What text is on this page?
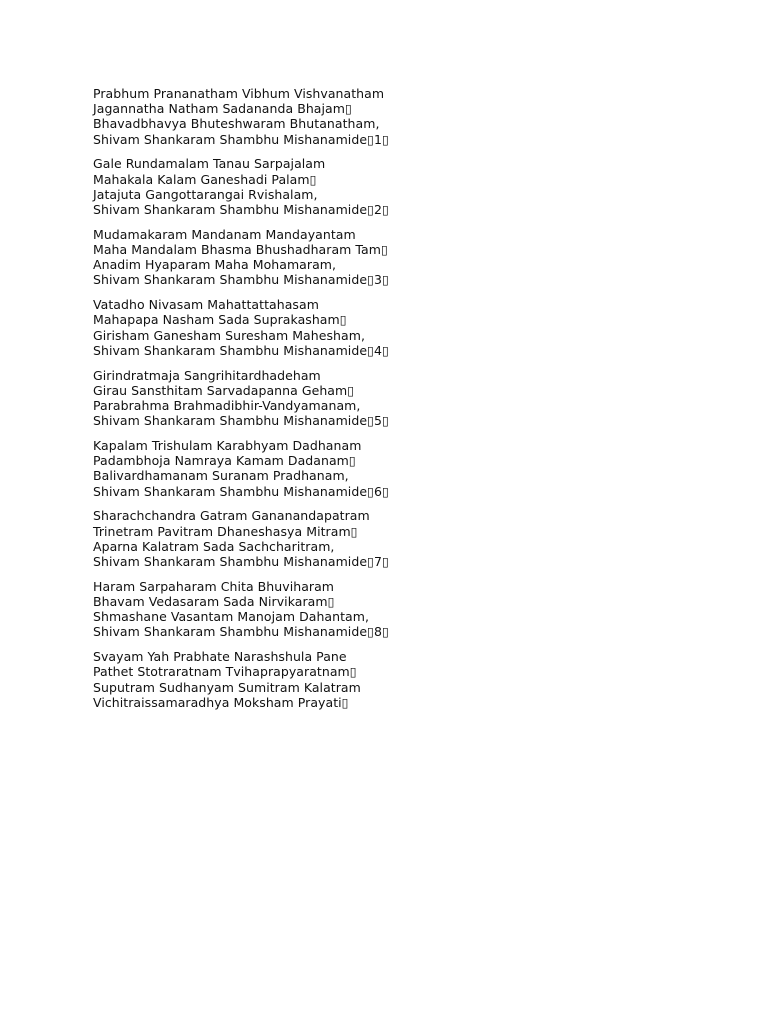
Prabhum Prananatham Vibhum Vishvanatham
Jagannatha Natham Sadananda Bhajam▯
Bhavadbhavya Bhuteshwaram Bhutanatham,
Shivam Shankaram Shambhu Mishanamide▯1▯
Gale Rundamalam Tanau Sarpajalam
Mahakala Kalam Ganeshadi Palam▯
Jatajuta Gangottarangai Rvishalam,
Shivam Shankaram Shambhu Mishanamide▯2▯
Mudamakaram Mandanam Mandayantam
Maha Mandalam Bhasma Bhushadharam Tam▯
Anadim Hyaparam Maha Mohamaram,
Shivam Shankaram Shambhu Mishanamide▯3▯
Vatadho Nivasam Mahattattahasam
Mahapapa Nasham Sada Suprakasham▯
Girisham Ganesham Suresham Mahesham,
Shivam Shankaram Shambhu Mishanamide▯4▯
Girindratmaja Sangrihitardhadeham
Girau Sansthitam Sarvadapanna Geham▯
Parabrahma Brahmadibhir-Vandyamanam,
Shivam Shankaram Shambhu Mishanamide▯5▯
Kapalam Trishulam Karabhyam Dadhanam
Padambhoja Namraya Kamam Dadanam▯
Balivardhamanam Suranam Pradhanam,
Shivam Shankaram Shambhu Mishanamide▯6▯
Sharachchandra Gatram Gananandapatram
Trinetram Pavitram Dhaneshasya Mitram▯
Aparna Kalatram Sada Sachcharitram,
Shivam Shankaram Shambhu Mishanamide▯7▯
Haram Sarpaharam Chita Bhuviharam
Bhavam Vedasaram Sada Nirvikaram▯
Shmashane Vasantam Manojam Dahantam,
Shivam Shankaram Shambhu Mishanamide▯8▯
Svayam Yah Prabhate Narashshula Pane
Pathet Stotraratnam Tvihaprapyaratnam▯
Suputram Sudhanyam Sumitram Kalatram
Vichitraissamaradhya Moksham Prayati▯
